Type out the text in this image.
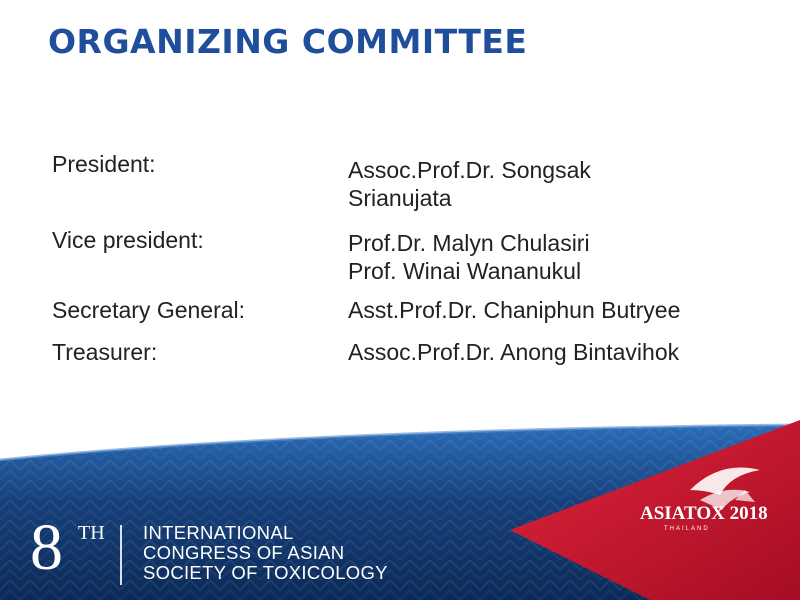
ORGANIZING COMMITTEE
President:	Assoc.Prof.Dr. Songsak
Srianujata
Vice president:	Prof.Dr. Malyn Chulasiri
Prof. Winai Wananukul
Secretary General:	Asst.Prof.Dr. Chaniphun Butryee
Treasurer:	Assoc.Prof.Dr. Anong Bintavihok
8 TH INTERNATIONAL
CONGRESS OF ASIAN
SOCIETY OF TOXICOLOGY
ASIATOX 2018
THAILAND
